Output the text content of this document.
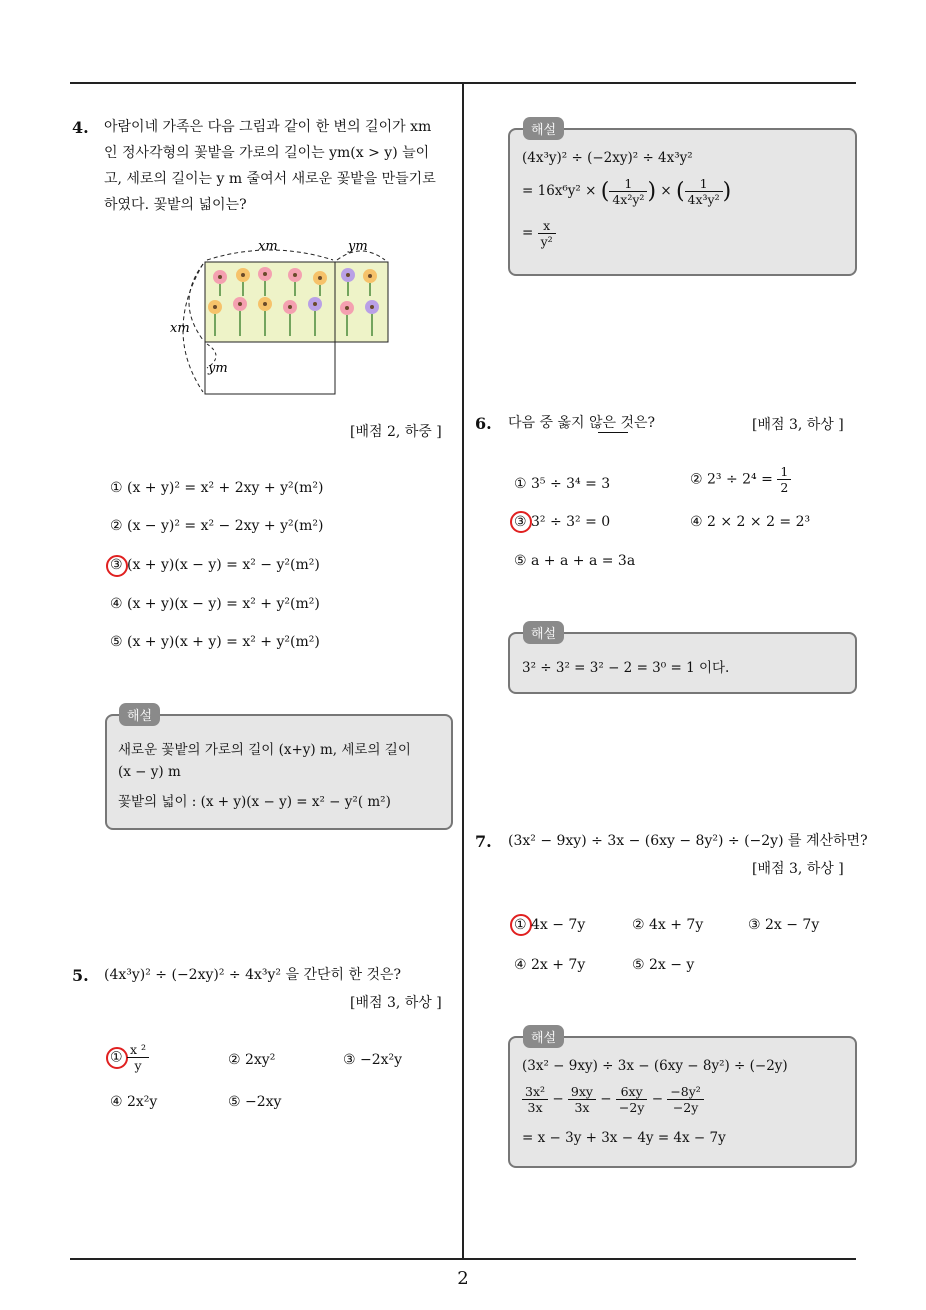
4. 아람이네 가족은 다음 그림과 같이 한 변의 길이가 xm
인 정사각형의 꽃밭을 가로의 길이는 ym(x > y) 늘이
고, 세로의 길이는 y m 줄여서 새로운 꽃밭을 만들기로
하였다. 꽃밭의 넓이는?
xm	ym
xm
ym
[배점 2, 하중 ]
① (x + y)² = x² + 2xy + y²(m²)
② (x − y)² = x² − 2xy + y²(m²)
③ (x + y)(x − y) = x² − y²(m²)
④ (x + y)(x − y) = x² + y²(m²)
⑤ (x + y)(x + y) = x² + y²(m²)
해설
새로운 꽃밭의 가로의 길이 (x+y) m, 세로의 길이
(x − y) m
꽃밭의 넓이 : (x + y)(x − y) = x² − y²( m²)
5. (4x³y)² ÷ (−2xy)² ÷ 4x³y² 을 간단히 한 것은?
[배점 3, 하상 ]
① $\frac{\text{x ²}}{y}$	② 2xy²	③ −2x²y
④ 2x²y	⑤ −2xy
해설
(4x³y)² ÷ (−2xy)² ÷ 4x³y²
= 16x⁶y² × ( $\frac{1}{\text{4x²y²}}$ ) × ( $\frac{1}{\text{4x³y²}}$ )
= $\frac{x}{\text{y²}}$
6. 다음 중 옳지 않은 것은?	[배점 3, 하상 ]
① 3⁵ ÷ 3⁴ = 3	② $2^3 \div 2^4 = \frac{1}{2}$
③ 3² ÷ 3² = 0	④ 2 × 2 × 2 = 2³
⑤ a + a + a = 3a
해설
3² ÷ 3² = 3² − 2 = 3⁰ = 1 이다.
7. (3x² − 9xy) ÷ 3x − (6xy − 8y²) ÷ (−2y) 를 계산하면?
[배점 3, 하상 ]
① 4x − 7y	② 4x + 7y	③ 2x − 7y
④ 2x + 7y	⑤ 2x − y
해설
(3x² − 9xy) ÷ 3x − (6xy − 8y²) ÷ (−2y)
$\frac{\text{3x²}}{3x} - \frac{9xy}{3x} - \frac{6xy}{-2y} - \frac{\text{−8y²}}{-2y}$
= x − 3y + 3x − 4y = 4x − 7y
2
